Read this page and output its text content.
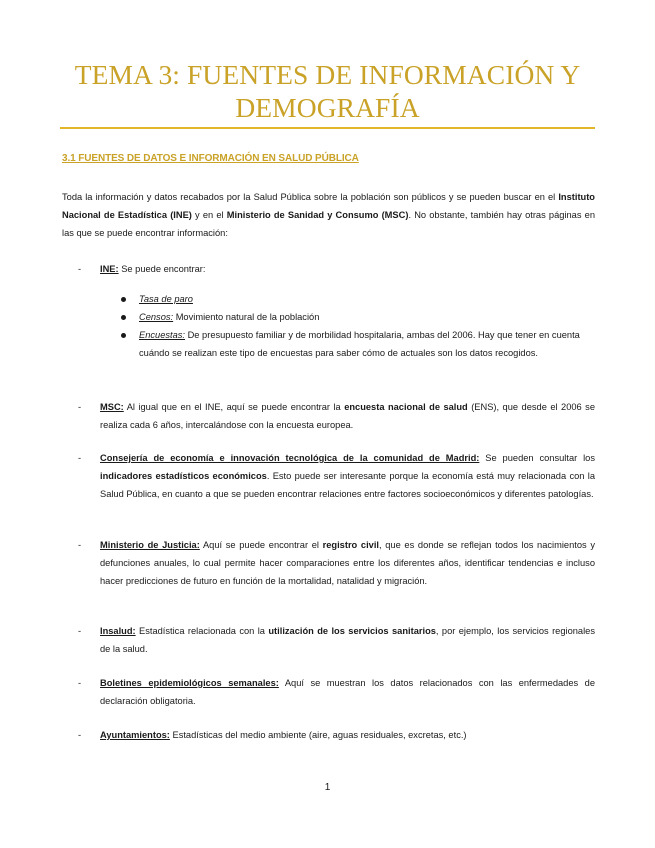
TEMA 3: FUENTES DE INFORMACIÓN Y DEMOGRAFÍA
3.1 FUENTES DE DATOS E INFORMACIÓN EN SALUD PÚBLICA
Toda la información y datos recabados por la Salud Pública sobre la población son públicos y se pueden buscar en el Instituto Nacional de Estadística (INE) y en el Ministerio de Sanidad y Consumo (MSC). No obstante, también hay otras páginas en las que se puede encontrar información:
- INE: Se puede encontrar:
Tasa de paro
Censos: Movimiento natural de la población
Encuestas: De presupuesto familiar y de morbilidad hospitalaria, ambas del 2006. Hay que tener en cuenta cuándo se realizan este tipo de encuestas para saber cómo de actuales son los datos recogidos.
- MSC: Al igual que en el INE, aquí se puede encontrar la encuesta nacional de salud (ENS), que desde el 2006 se realiza cada 6 años, intercalándose con la encuesta europea.
- Consejería de economía e innovación tecnológica de la comunidad de Madrid: Se pueden consultar los indicadores estadísticos económicos. Esto puede ser interesante porque la economía está muy relacionada con la Salud Pública, en cuanto a que se pueden encontrar relaciones entre factores socioeconómicos y diferentes patologías.
- Ministerio de Justicia: Aquí se puede encontrar el registro civil, que es donde se reflejan todos los nacimientos y defunciones anuales, lo cual permite hacer comparaciones entre los diferentes años, identificar tendencias e incluso hacer predicciones de futuro en función de la mortalidad, natalidad y migración.
- Insalud: Estadística relacionada con la utilización de los servicios sanitarios, por ejemplo, los servicios regionales de la salud.
- Boletines epidemiológicos semanales: Aquí se muestran los datos relacionados con las enfermedades de declaración obligatoria.
- Ayuntamientos: Estadísticas del medio ambiente (aire, aguas residuales, excretas, etc.)
1
